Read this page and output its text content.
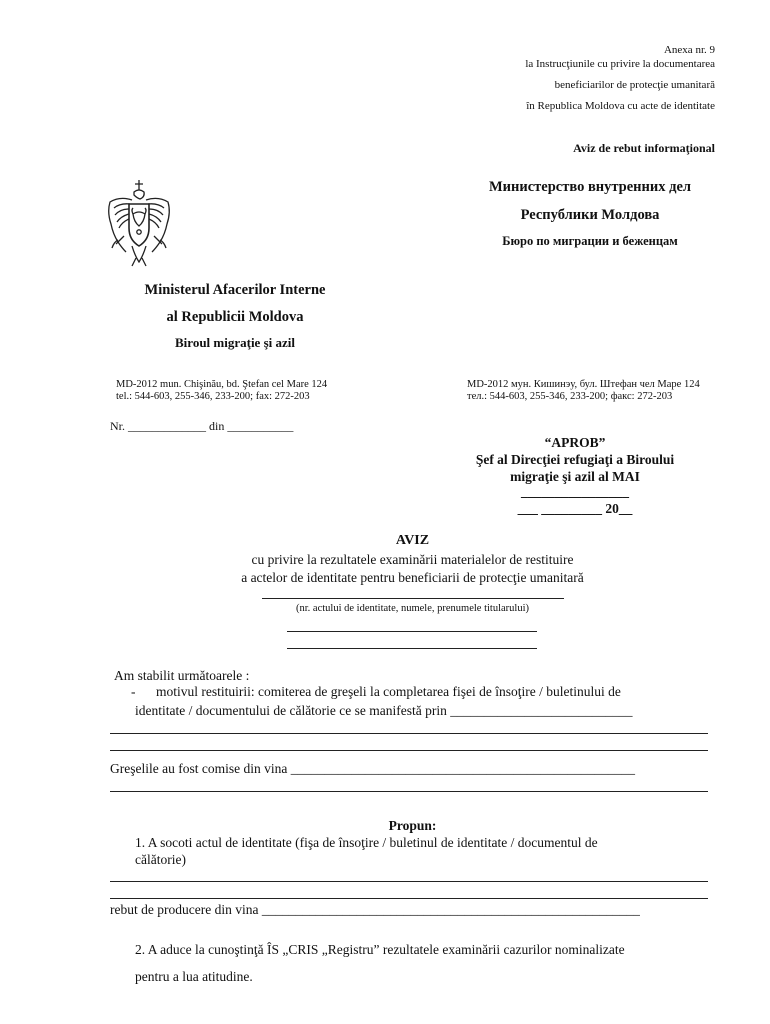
Anexa nr. 9
la Instrucţiunile cu privire la documentarea
beneficiarilor de protecţie umanitară
în Republica Moldova cu acte de identitate
Aviz de rebut informaţional
Министерство внутренних дел
Республики Молдова
Бюро по миграции и беженцам
Ministerul Afacerilor Interne
al Republicii Moldova
Biroul migraţie şi azil
MD-2012 mun. Chişinău, bd. Ştefan cel Mare 124
tel.: 544-603, 255-346, 233-200; fax: 272-203
MD-2012 мун. Кишинэу, бул. Штефан чел Маре 124
тел.: 544-603, 255-346, 233-200; факс: 272-203
Nr. _____________ din ___________
“APROB”
Şef al Direcţiei refugiaţi a Biroului
migraţie şi azil al MAI
________________
___ _________ 20__
AVIZ
cu privire la rezultatele examinării materialelor de restituire
a actelor de identitate pentru beneficiarii de protecţie umanitară
(nr. actului de identitate, numele, prenumele titularului)
Am stabilit următoarele :
- motivul restituirii: comiterea de greşeli la completarea fişei de însoţire / buletinului de
identitate / documentului de călătorie ce se manifestă prin ___________________________
Greşelile au fost comise din vina ___________________________________________________
Propun:
1. A socoti actul de identitate (fişa de însoţire / buletinul de identitate / documentul de
călătorie)
rebut de producere din vina ________________________________________________________
2. A aduce la cunoştinţă ÎS „CRIS „Registru” rezultatele examinării cazurilor nominalizate
pentru a lua atitudine.
